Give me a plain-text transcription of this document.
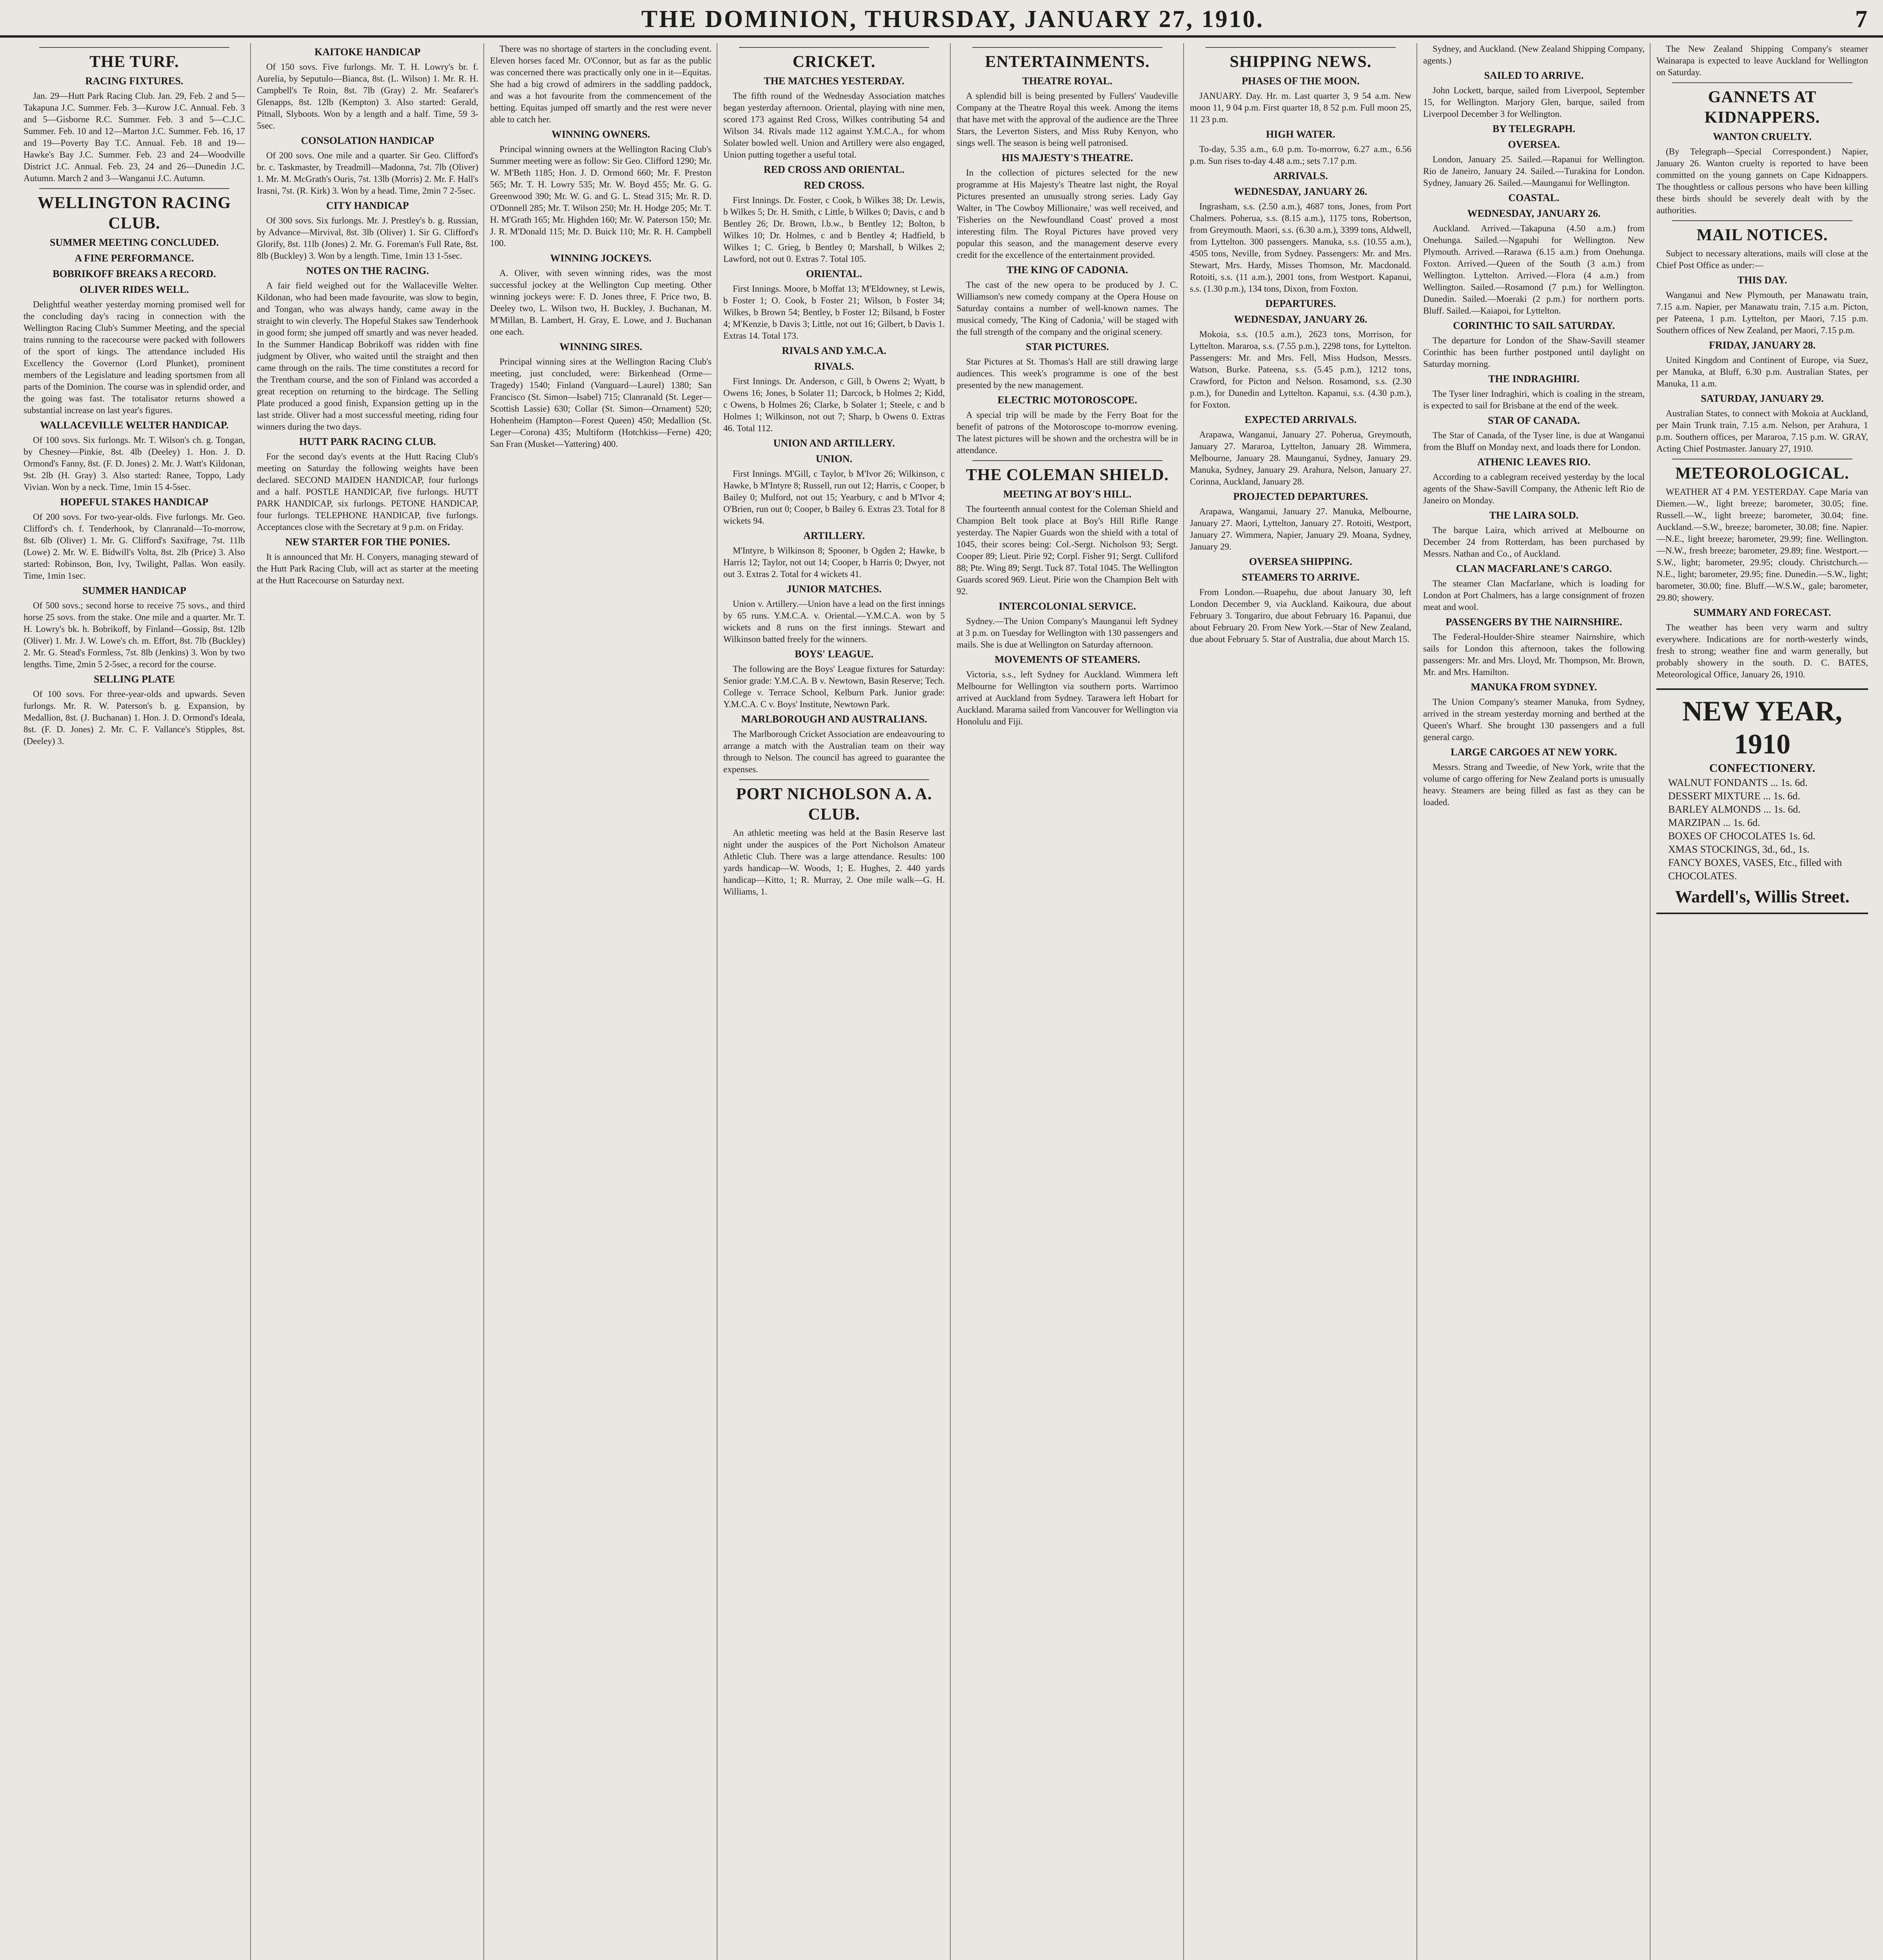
THE DOMINION, THURSDAY, JANUARY 27, 1910.	7
THE TURF.
RACING FIXTURES.

Jan. 29—Hutt Park Racing Club. Jan. 29, Feb. 2 and 5—Takapuna J.C. Summer. Feb. 3—Kurow J.C. Annual. Feb. 3 and 5—Gisborne R.C. Summer. Feb. 3 and 5—C.J.C. Summer. Feb. 10 and 12—Marton J.C. Summer. Feb. 16, 17 and 19—Poverty Bay T.C. Annual. Feb. 18 and 19—Hawke's Bay J.C. Summer. Feb. 23 and 24—Woodville District J.C. Annual. Feb. 23, 24 and 26—Dunedin J.C. Autumn. March 2 and 3—Wanganui J.C. Autumn.

WELLINGTON RACING CLUB.
SUMMER MEETING CONCLUDED.
A FINE PERFORMANCE.
BOBRIKOFF BREAKS A RECORD.
OLIVER RIDES WELL.

Delightful weather yesterday morning promised well for the concluding day's racing in connection with the Wellington Racing Club's Summer Meeting, and the special trains running to the racecourse were packed with followers of the sport of kings. The attendance included His Excellency the Governor (Lord Plunket), prominent members of the Legislature and leading sportsmen from all parts of the Dominion. The course was in splendid order, and the going was fast. The totalisator returns showed a substantial increase on last year's figures.

WALLACEVILLE WELTER HANDICAP.

Of 100 sovs. Six furlongs. Mr. T. Wilson's ch. g. Tongan, by Chesney—Pinkie, 8st. 4lb (Deeley) 1. Hon. J. D. Ormond's Fanny, 8st. (F. D. Jones) 2. Mr. J. Watt's Kildonan, 9st. 2lb (H. Gray) 3. Also started: Ranee, Toppo, Lady Vivian. Won by a neck. Time, 1min 15 4-5sec.

HOPEFUL STAKES HANDICAP

Of 200 sovs. For two-year-olds. Five furlongs. Mr. Geo. Clifford's ch. f. Tenderhook, by Clanranald—To-morrow, 8st. 6lb (Oliver) 1. Mr. G. Clifford's Saxifrage, 7st. 11lb (Lowe) 2. Mr. W. E. Bidwill's Volta, 8st. 2lb (Price) 3. Also started: Robinson, Bon, Ivy, Twilight, Pallas. Won easily. Time, 1min 1sec.

SUMMER HANDICAP

Of 500 sovs.; second horse to receive 75 sovs., and third horse 25 sovs. from the stake. One mile and a quarter. Mr. T. H. Lowry's bk. h. Bobrikoff, by Finland—Gossip, 8st. 12lb (Oliver) 1. Mr. J. W. Lowe's ch. m. Effort, 8st. 7lb (Buckley) 2. Mr. G. Stead's Formless, 7st. 8lb (Jenkins) 3. Won by two lengths. Time, 2min 5 2-5sec, a record for the course.

SELLING PLATE

Of 100 sovs. For three-year-olds and upwards. Seven furlongs. Mr. R. W. Paterson's b. g. Expansion, by Medallion, 8st. (J. Buchanan) 1. Hon. J. D. Ormond's Ideala, 8st. (F. D. Jones) 2. Mr. C. F. Vallance's Stipples, 8st. (Deeley) 3.

KAITOKE HANDICAP

Of 150 sovs. Five furlongs. Mr. T. H. Lowry's br. f. Aurelia, by Seputulo—Bianca, 8st. (L. Wilson) 1. Mr. R. H. Campbell's Te Roin, 8st. 7lb (Gray) 2. Mr. Seafarer's Glenapps, 8st. 12lb (Kempton) 3. Also started: Gerald, Pitnall, Slyboots. Won by a length and a half. Time, 59 3-5sec.

CONSOLATION HANDICAP

Of 200 sovs. One mile and a quarter. Sir Geo. Clifford's br. c. Taskmaster, by Treadmill—Madonna, 7st. 7lb (Oliver) 1. Mr. M. McGrath's Ouris, 7st. 13lb (Morris) 2. Mr. F. Hall's Irasni, 7st. (R. Kirk) 3. Won by a head. Time, 2min 7 2-5sec.

CITY HANDICAP

Of 300 sovs. Six furlongs. Mr. J. Prestley's b. g. Russian, by Advance—Mirvival, 8st. 3lb (Oliver) 1. Sir G. Clifford's Glorify, 8st. 11lb (Jones) 2. Mr. G. Foreman's Full Rate, 8st. 8lb (Buckley) 3. Won by a length. Time, 1min 13 1-5sec.

NOTES ON THE RACING.

A fair field weighed out for the Wallaceville Welter. Kildonan, who had been made favourite, was slow to begin, and Tongan, who was always handy, came away in the straight to win cleverly. The Hopeful Stakes saw Tenderhook in good form; she jumped off smartly and was never headed. In the Summer Handicap Bobrikoff was ridden with fine judgment by Oliver, who waited until the straight and then came through on the rails. The time constitutes a record for the Trentham course, and the son of Finland was accorded a great reception on returning to the birdcage. The Selling Plate produced a good finish, Expansion getting up in the last stride. Oliver had a most successful meeting, riding four winners during the two days.

HUTT PARK RACING CLUB.

For the second day's events at the Hutt Racing Club's meeting on Saturday the following weights have been declared. SECOND MAIDEN HANDICAP, four furlongs and a half. POSTLE HANDICAP, five furlongs. HUTT PARK HANDICAP, six furlongs. PETONE HANDICAP, four furlongs. TELEPHONE HANDICAP, five furlongs. Acceptances close with the Secretary at 9 p.m. on Friday.

NEW STARTER FOR THE PONIES.

It is announced that Mr. H. Conyers, managing steward of the Hutt Park Racing Club, will act as starter at the meeting at the Hutt Racecourse on Saturday next.

There was no shortage of starters in the concluding event. Eleven horses faced Mr. O'Connor, but as far as the public was concerned there was practically only one in it—Equitas. She had a big crowd of admirers in the saddling paddock, and was a hot favourite from the commencement of the betting. Equitas jumped off smartly and the rest were never able to catch her.

WINNING OWNERS.

Principal winning owners at the Wellington Racing Club's Summer meeting were as follow: Sir Geo. Clifford 1290; Mr. W. M'Beth 1185; Hon. J. D. Ormond 660; Mr. F. Preston 565; Mr. T. H. Lowry 535; Mr. W. Boyd 455; Mr. G. G. Greenwood 390; Mr. W. G. and G. L. Stead 315; Mr. R. D. O'Donnell 285; Mr. T. Wilson 250; Mr. H. Hodge 205; Mr. T. H. M'Grath 165; Mr. Highden 160; Mr. W. Paterson 150; Mr. J. R. M'Donald 115; Mr. D. Buick 110; Mr. R. H. Campbell 100.

WINNING JOCKEYS.

A. Oliver, with seven winning rides, was the most successful jockey at the Wellington Cup meeting. Other winning jockeys were: F. D. Jones three, F. Price two, B. Deeley two, L. Wilson two, H. Buckley, J. Buchanan, M. M'Millan, B. Lambert, H. Gray, E. Lowe, and J. Buchanan one each.

WINNING SIRES.

Principal winning sires at the Wellington Racing Club's meeting, just concluded, were: Birkenhead (Orme—Tragedy) 1540; Finland (Vanguard—Laurel) 1380; San Francisco (St. Simon—Isabel) 715; Clanranald (St. Leger—Scottish Lassie) 630; Collar (St. Simon—Ornament) 520; Hohenheim (Hampton—Forest Queen) 450; Medallion (St. Leger—Corona) 435; Multiform (Hotchkiss—Ferne) 420; San Fran (Musket—Yattering) 400.

CRICKET.
THE MATCHES YESTERDAY.

The fifth round of the Wednesday Association matches began yesterday afternoon. Oriental, playing with nine men, scored 173 against Red Cross, Wilkes contributing 54 and Wilson 34. Rivals made 112 against Y.M.C.A., for whom Solater bowled well. Union and Artillery were also engaged, Union putting together a useful total.

RED CROSS AND ORIENTAL.
RED CROSS.

First Innings. Dr. Foster, c Cook, b Wilkes 38; Dr. Lewis, b Wilkes 5; Dr. H. Smith, c Little, b Wilkes 0; Davis, c and b Bentley 26; Dr. Brown, l.b.w., b Bentley 12; Bolton, b Wilkes 10; Dr. Holmes, c and b Bentley 4; Hadfield, b Wilkes 1; C. Grieg, b Bentley 0; Marshall, b Wilkes 2; Lawford, not out 0. Extras 7. Total 105.

ORIENTAL.

First Innings. Moore, b Moffat 13; M'Eldowney, st Lewis, b Foster 1; O. Cook, b Foster 21; Wilson, b Foster 34; Wilkes, b Brown 54; Bentley, b Foster 12; Bilsand, b Foster 4; M'Kenzie, b Davis 3; Little, not out 16; Gilbert, b Davis 1. Extras 14. Total 173.

RIVALS AND Y.M.C.A.
RIVALS.

First Innings. Dr. Anderson, c Gill, b Owens 2; Wyatt, b Owens 16; Jones, b Solater 11; Darcock, b Holmes 2; Kidd, c Owens, b Holmes 26; Clarke, b Solater 1; Steele, c and b Holmes 1; Wilkinson, not out 7; Sharp, b Owens 0. Extras 46. Total 112.

UNION AND ARTILLERY.
UNION.

First Innings. M'Gill, c Taylor, b M'Ivor 26; Wilkinson, c Hawke, b M'Intyre 8; Russell, run out 12; Harris, c Cooper, b Bailey 0; Mulford, not out 15; Yearbury, c and b M'Ivor 4; O'Brien, run out 0; Cooper, b Bailey 6. Extras 23. Total for 8 wickets 94.

ARTILLERY.

M'Intyre, b Wilkinson 8; Spooner, b Ogden 2; Hawke, b Harris 12; Taylor, not out 14; Cooper, b Harris 0; Dwyer, not out 3. Extras 2. Total for 4 wickets 41.

JUNIOR MATCHES.

Union v. Artillery.—Union have a lead on the first innings by 65 runs. Y.M.C.A. v. Oriental.—Y.M.C.A. won by 5 wickets and 8 runs on the first innings. Stewart and Wilkinson batted freely for the winners.

BOYS' LEAGUE.

The following are the Boys' League fixtures for Saturday: Senior grade: Y.M.C.A. B v. Newtown, Basin Reserve; Tech. College v. Terrace School, Kelburn Park. Junior grade: Y.M.C.A. C v. Boys' Institute, Newtown Park.

MARLBOROUGH AND AUSTRALIANS.

The Marlborough Cricket Association are endeavouring to arrange a match with the Australian team on their way through to Nelson. The council has agreed to guarantee the expenses.

PORT NICHOLSON A. A. CLUB.

An athletic meeting was held at the Basin Reserve last night under the auspices of the Port Nicholson Amateur Athletic Club. There was a large attendance. Results: 100 yards handicap—W. Woods, 1; E. Hughes, 2. 440 yards handicap—Kitto, 1; R. Murray, 2. One mile walk—G. H. Williams, 1.

ENTERTAINMENTS.
THEATRE ROYAL.

A splendid bill is being presented by Fullers' Vaudeville Company at the Theatre Royal this week. Among the items that have met with the approval of the audience are the Three Stars, the Leverton Sisters, and Miss Ruby Kenyon, who sings well. The season is being well patronised.

HIS MAJESTY'S THEATRE.

In the collection of pictures selected for the new programme at His Majesty's Theatre last night, the Royal Pictures presented an unusually strong series. Lady Gay Walter, in 'The Cowboy Millionaire,' was well received, and 'Fisheries on the Newfoundland Coast' proved a most interesting film. The Royal Pictures have proved very popular this season, and the management deserve every credit for the excellence of the entertainment provided.

THE KING OF CADONIA.

The cast of the new opera to be produced by J. C. Williamson's new comedy company at the Opera House on Saturday contains a number of well-known names. The musical comedy, 'The King of Cadonia,' will be staged with the full strength of the company and the original scenery.

STAR PICTURES.

Star Pictures at St. Thomas's Hall are still drawing large audiences. This week's programme is one of the best presented by the new management.

ELECTRIC MOTOROSCOPE.

A special trip will be made by the Ferry Boat for the benefit of patrons of the Motoroscope to-morrow evening. The latest pictures will be shown and the orchestra will be in attendance.

THE COLEMAN SHIELD.
MEETING AT BOY'S HILL.

The fourteenth annual contest for the Coleman Shield and Champion Belt took place at Boy's Hill Rifle Range yesterday. The Napier Guards won the shield with a total of 1045, their scores being: Col.-Sergt. Nicholson 93; Sergt. Cooper 89; Lieut. Pirie 92; Corpl. Fisher 91; Sergt. Culliford 88; Pte. Wing 89; Sergt. Tuck 87. Total 1045. The Wellington Guards scored 969. Lieut. Pirie won the Champion Belt with 92.

INTERCOLONIAL SERVICE.

Sydney.—The Union Company's Maunganui left Sydney at 3 p.m. on Tuesday for Wellington with 130 passengers and mails. She is due at Wellington on Saturday afternoon.

MOVEMENTS OF STEAMERS.

Victoria, s.s., left Sydney for Auckland. Wimmera left Melbourne for Wellington via southern ports. Warrimoo arrived at Auckland from Sydney. Tarawera left Hobart for Auckland. Marama sailed from Vancouver for Wellington via Honolulu and Fiji.

SHIPPING NEWS.
PHASES OF THE MOON.

JANUARY. Day. Hr. m. Last quarter 3, 9 54 a.m. New moon 11, 9 04 p.m. First quarter 18, 8 52 p.m. Full moon 25, 11 23 p.m.

HIGH WATER.

To-day, 5.35 a.m., 6.0 p.m. To-morrow, 6.27 a.m., 6.56 p.m. Sun rises to-day 4.48 a.m.; sets 7.17 p.m.

ARRIVALS.
WEDNESDAY, JANUARY 26.

Ingrasham, s.s. (2.50 a.m.), 4687 tons, Jones, from Port Chalmers. Poherua, s.s. (8.15 a.m.), 1175 tons, Robertson, from Greymouth. Maori, s.s. (6.30 a.m.), 3399 tons, Aldwell, from Lyttelton. 300 passengers. Manuka, s.s. (10.55 a.m.), 4505 tons, Neville, from Sydney. Passengers: Mr. and Mrs. Stewart, Mrs. Hardy, Misses Thomson, Mr. Macdonald. Rotoiti, s.s. (11 a.m.), 2001 tons, from Westport. Kapanui, s.s. (1.30 p.m.), 134 tons, Dixon, from Foxton.

DEPARTURES.
WEDNESDAY, JANUARY 26.

Mokoia, s.s. (10.5 a.m.), 2623 tons, Morrison, for Lyttelton. Mararoa, s.s. (7.55 p.m.), 2298 tons, for Lyttelton. Passengers: Mr. and Mrs. Fell, Miss Hudson, Messrs. Watson, Burke. Pateena, s.s. (5.45 p.m.), 1212 tons, Crawford, for Picton and Nelson. Rosamond, s.s. (2.30 p.m.), for Dunedin and Lyttelton. Kapanui, s.s. (4.30 p.m.), for Foxton.

EXPECTED ARRIVALS.

Arapawa, Wanganui, January 27. Poherua, Greymouth, January 27. Mararoa, Lyttelton, January 28. Wimmera, Melbourne, January 28. Maunganui, Sydney, January 29. Manuka, Sydney, January 29. Arahura, Nelson, January 27. Corinna, Auckland, January 28.

PROJECTED DEPARTURES.

Arapawa, Wanganui, January 27. Manuka, Melbourne, January 27. Maori, Lyttelton, January 27. Rotoiti, Westport, January 27. Wimmera, Napier, January 29. Moana, Sydney, January 29.

OVERSEA SHIPPING.
STEAMERS TO ARRIVE.

From London.—Ruapehu, due about January 30, left London December 9, via Auckland. Kaikoura, due about February 3. Tongariro, due about February 16. Papanui, due about February 20. From New York.—Star of New Zealand, due about February 5. Star of Australia, due about March 15.

Sydney, and Auckland. (New Zealand Shipping Company, agents.)

SAILED TO ARRIVE.

John Lockett, barque, sailed from Liverpool, September 15, for Wellington. Marjory Glen, barque, sailed from Liverpool December 3 for Wellington.

BY TELEGRAPH.
OVERSEA.

London, January 25. Sailed.—Rapanui for Wellington. Rio de Janeiro, January 24. Sailed.—Turakina for London. Sydney, January 26. Sailed.—Maunganui for Wellington.

COASTAL.
WEDNESDAY, JANUARY 26.

Auckland. Arrived.—Takapuna (4.50 a.m.) from Onehunga. Sailed.—Ngapuhi for Wellington. New Plymouth. Arrived.—Rarawa (6.15 a.m.) from Onehunga. Foxton. Arrived.—Queen of the South (3 a.m.) from Wellington. Lyttelton. Arrived.—Flora (4 a.m.) from Wellington. Sailed.—Rosamond (7 p.m.) for Wellington. Dunedin. Sailed.—Moeraki (2 p.m.) for northern ports. Bluff. Sailed.—Kaiapoi, for Lyttelton.

CORINTHIC TO SAIL SATURDAY.

The departure for London of the Shaw-Savill steamer Corinthic has been further postponed until daylight on Saturday morning.

THE INDRAGHIRI.

The Tyser liner Indraghiri, which is coaling in the stream, is expected to sail for Brisbane at the end of the week.

STAR OF CANADA.

The Star of Canada, of the Tyser line, is due at Wanganui from the Bluff on Monday next, and loads there for London.

ATHENIC LEAVES RIO.

According to a cablegram received yesterday by the local agents of the Shaw-Savill Company, the Athenic left Rio de Janeiro on Monday.

THE LAIRA SOLD.

The barque Laira, which arrived at Melbourne on December 24 from Rotterdam, has been purchased by Messrs. Nathan and Co., of Auckland.

CLAN MACFARLANE'S CARGO.

The steamer Clan Macfarlane, which is loading for London at Port Chalmers, has a large consignment of frozen meat and wool.

PASSENGERS BY THE NAIRNSHIRE.

The Federal-Houlder-Shire steamer Nairnshire, which sails for London this afternoon, takes the following passengers: Mr. and Mrs. Lloyd, Mr. Thompson, Mr. Brown, Mr. and Mrs. Hamilton.

MANUKA FROM SYDNEY.

The Union Company's steamer Manuka, from Sydney, arrived in the stream yesterday morning and berthed at the Queen's Wharf. She brought 130 passengers and a full general cargo.

LARGE CARGOES AT NEW YORK.

Messrs. Strang and Tweedie, of New York, write that the volume of cargo offering for New Zealand ports is unusually heavy. Steamers are being filled as fast as they can be loaded.

The New Zealand Shipping Company's steamer Wainarapa is expected to leave Auckland for Wellington on Saturday.

GANNETS AT KIDNAPPERS.
WANTON CRUELTY.

(By Telegraph—Special Correspondent.) Napier, January 26. Wanton cruelty is reported to have been committed on the young gannets on Cape Kidnappers. The thoughtless or callous persons who have been killing these birds should be severely dealt with by the authorities.

MAIL NOTICES.

Subject to necessary alterations, mails will close at the Chief Post Office as under:—

THIS DAY.

Wanganui and New Plymouth, per Manawatu train, 7.15 a.m. Napier, per Manawatu train, 7.15 a.m. Picton, per Pateena, 1 p.m. Lyttelton, per Maori, 7.15 p.m. Southern offices of New Zealand, per Maori, 7.15 p.m.

FRIDAY, JANUARY 28.

United Kingdom and Continent of Europe, via Suez, per Manuka, at Bluff, 6.30 p.m. Australian States, per Manuka, 11 a.m.

SATURDAY, JANUARY 29.

Australian States, to connect with Mokoia at Auckland, per Main Trunk train, 7.15 a.m. Nelson, per Arahura, 1 p.m. Southern offices, per Mararoa, 7.15 p.m. W. GRAY, Acting Chief Postmaster. January 27, 1910.

METEOROLOGICAL.

WEATHER AT 4 P.M. YESTERDAY. Cape Maria van Diemen.—W., light breeze; barometer, 30.05; fine. Russell.—W., light breeze; barometer, 30.04; fine. Auckland.—S.W., breeze; barometer, 30.08; fine. Napier.—N.E., light breeze; barometer, 29.99; fine. Wellington.—N.W., fresh breeze; barometer, 29.89; fine. Westport.—S.W., light; barometer, 29.95; cloudy. Christchurch.—N.E., light; barometer, 29.95; fine. Dunedin.—S.W., light; barometer, 30.00; fine. Bluff.—W.S.W., gale; barometer, 29.80; showery.

SUMMARY AND FORECAST.

The weather has been very warm and sultry everywhere. Indications are for north-westerly winds, fresh to strong; weather fine and warm generally, but probably showery in the south. D. C. BATES, Meteorological Office, January 26, 1910.

NEW YEAR, 1910
CONFECTIONERY.
WALNUT FONDANTS ... 1s. 6d.
DESSERT MIXTURE ... 1s. 6d.
BARLEY ALMONDS ... 1s. 6d.
MARZIPAN ... 1s. 6d.
BOXES OF CHOCOLATES 1s. 6d.
XMAS STOCKINGS, 3d., 6d., 1s.
FANCY BOXES, VASES, Etc., filled with CHOCOLATES.
Wardell's, Willis Street.
